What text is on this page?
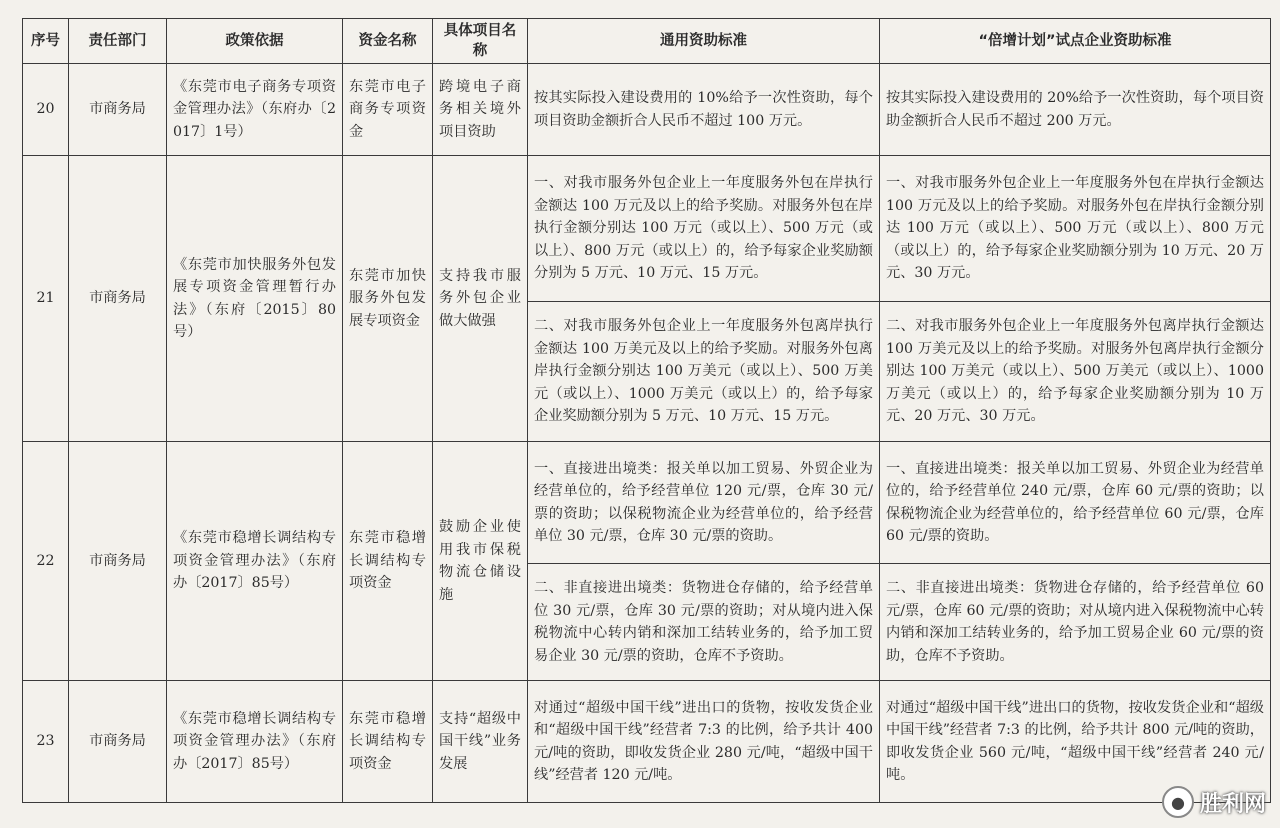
序号	责任部门	政策依据	资金名称	具体项目名称	通用资助标准	“倍增计划”试点企业资助标准
20	市商务局	《东莞市电子商务专项资金管理办法》（东府办〔2017〕1号）	东莞市电子商务专项资金	跨境电子商务相关境外项目资助	按其实际投入建设费用的 10%给予一次性资助，每个项目资助金额折合人民币不超过 100 万元。	按其实际投入建设费用的 20%给予一次性资助，每个项目资助金额折合人民币不超过 200 万元。
21	市商务局	《东莞市加快服务外包发展专项资金管理暂行办法》（东府〔2015〕80号）	东莞市加快服务外包发展专项资金	支持我市服务外包企业做大做强	一、对我市服务外包企业上一年度服务外包在岸执行金额达 100 万元及以上的给予奖励。对服务外包在岸执行金额分别达 100 万元（或以上）、500 万元（或以上）、800 万元（或以上）的，给予每家企业奖励额分别为 5 万元、10 万元、15 万元。	一、对我市服务外包企业上一年度服务外包在岸执行金额达 100 万元及以上的给予奖励。对服务外包在岸执行金额分别达 100 万元（或以上）、500 万元（或以上）、800 万元（或以上）的，给予每家企业奖励额分别为 10 万元、20 万元、30 万元。
					二、对我市服务外包企业上一年度服务外包离岸执行金额达 100 万美元及以上的给予奖励。对服务外包离岸执行金额分别达 100 万美元（或以上）、500 万美元（或以上）、1000 万美元（或以上）的，给予每家企业奖励额分别为 5 万元、10 万元、15 万元。	二、对我市服务外包企业上一年度服务外包离岸执行金额达 100 万美元及以上的给予奖励。对服务外包离岸执行金额分别达 100 万美元（或以上）、500 万美元（或以上）、1000 万美元（或以上）的，给予每家企业奖励额分别为 10 万元、20 万元、30 万元。
22	市商务局	《东莞市稳增长调结构专项资金管理办法》（东府办〔2017〕85号）	东莞市稳增长调结构专项资金	鼓励企业使用我市保税物流仓储设施	一、直接进出境类：报关单以加工贸易、外贸企业为经营单位的，给予经营单位 120 元/票，仓库 30 元/票的资助；以保税物流企业为经营单位的，给予经营单位 30 元/票，仓库 30 元/票的资助。	一、直接进出境类：报关单以加工贸易、外贸企业为经营单位的，给予经营单位 240 元/票，仓库 60 元/票的资助；以保税物流企业为经营单位的，给予经营单位 60 元/票，仓库 60 元/票的资助。
					二、非直接进出境类：货物进仓存储的，给予经营单位 30 元/票，仓库 30 元/票的资助；对从境内进入保税物流中心转内销和深加工结转业务的，给予加工贸易企业 30 元/票的资助，仓库不予资助。	二、非直接进出境类：货物进仓存储的，给予经营单位 60 元/票，仓库 60 元/票的资助；对从境内进入保税物流中心转内销和深加工结转业务的，给予加工贸易企业 60 元/票的资助，仓库不予资助。
23	市商务局	《东莞市稳增长调结构专项资金管理办法》（东府办〔2017〕85号）	东莞市稳增长调结构专项资金	支持“超级中国干线”业务发展	对通过“超级中国干线”进出口的货物，按收发货企业和“超级中国干线”经营者 7:3 的比例，给予共计 400 元/吨的资助，即收发货企业 280 元/吨，“超级中国干线”经营者 120 元/吨。	对通过“超级中国干线”进出口的货物，按收发货企业和“超级中国干线”经营者 7:3 的比例，给予共计 800 元/吨的资助，即收发货企业 560 元/吨，“超级中国干线”经营者 240 元/吨。
● 胜利网
